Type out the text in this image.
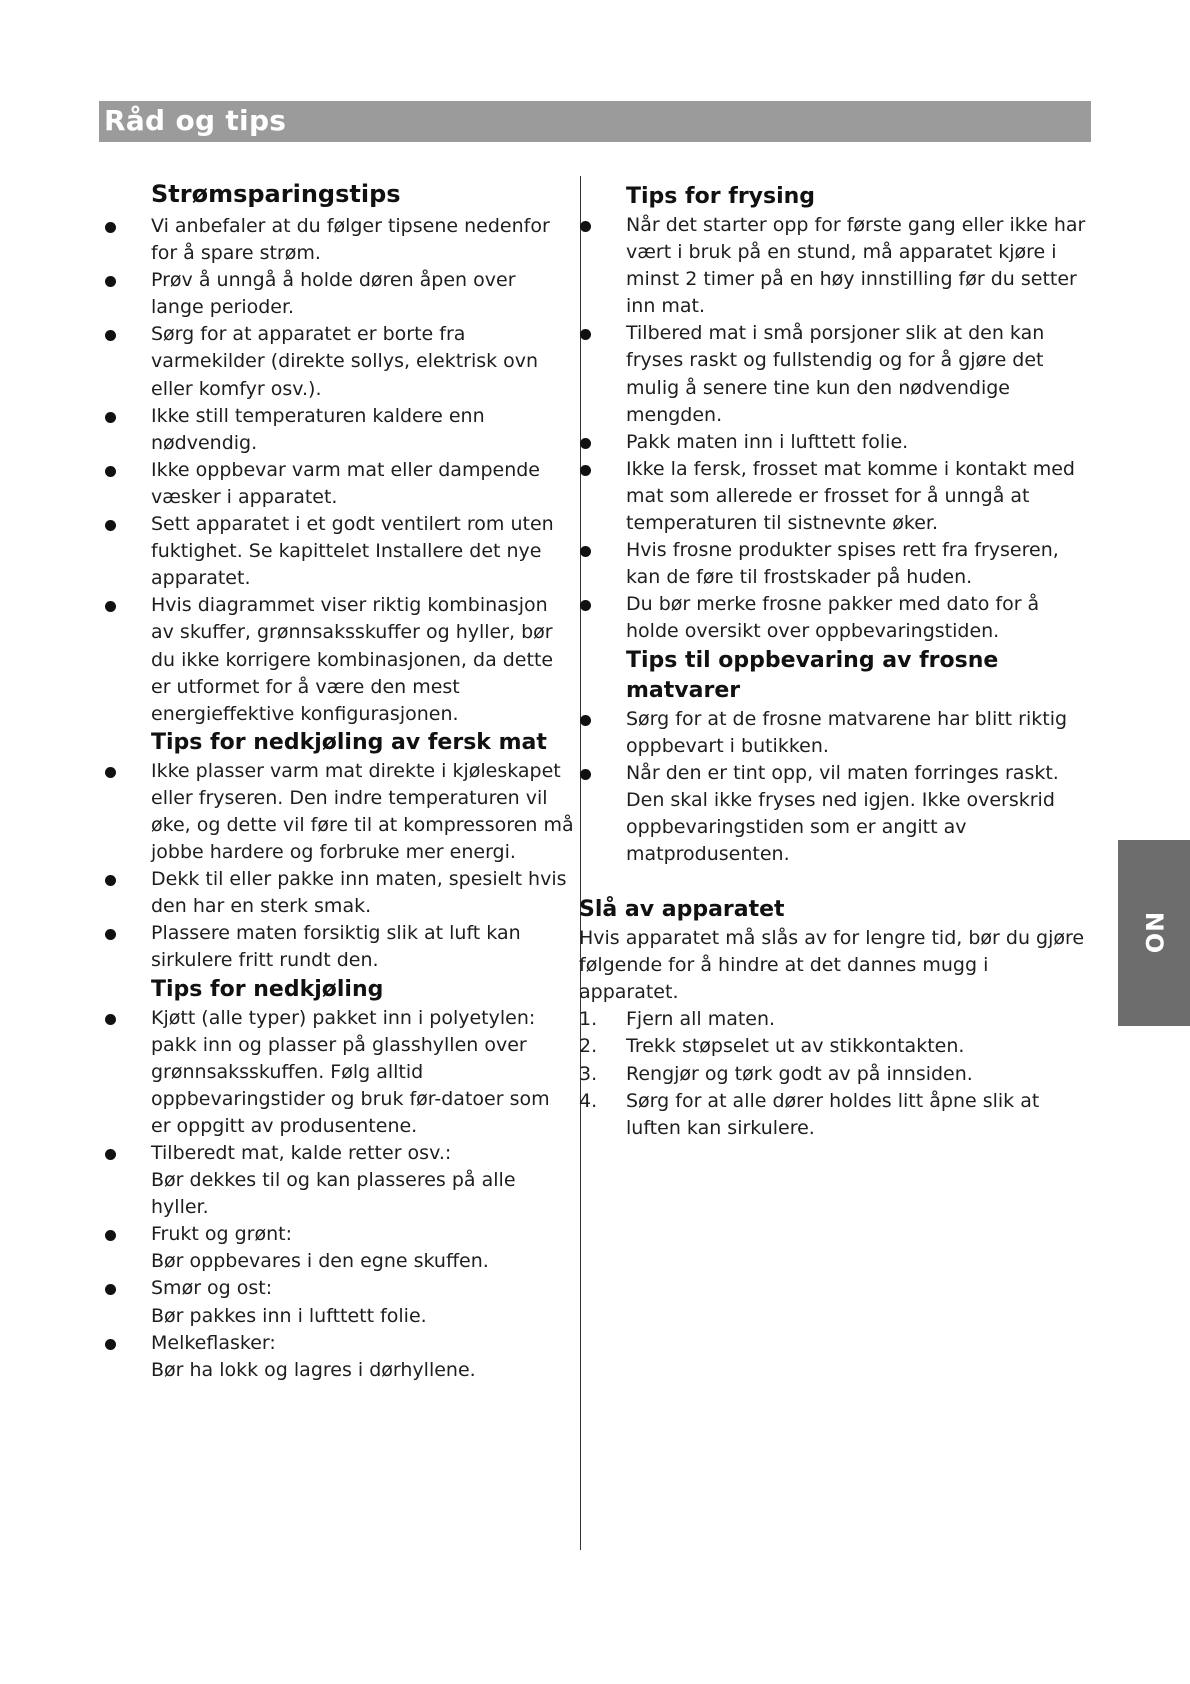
Råd og tips
NO
Strømsparingstips
Vi anbefaler at du følger tipsene nedenfor for å spare strøm.
Prøv å unngå å holde døren åpen over lange perioder.
Sørg for at apparatet er borte fra varmekilder (direkte sollys, elektrisk ovn eller komfyr osv.).
Ikke still temperaturen kaldere enn nødvendig.
Ikke oppbevar varm mat eller dampende væsker i apparatet.
Sett apparatet i et godt ventilert rom uten fuktighet. Se kapittelet Installere det nye apparatet.
Hvis diagrammet viser riktig kombinasjon av skuffer, grønnsaksskuffer og hyller, bør du ikke korrigere kombinasjonen, da dette er utformet for å være den mest energieffektive konfigurasjonen.
Tips for nedkjøling av fersk mat
Ikke plasser varm mat direkte i kjøleskapet eller fryseren. Den indre temperaturen vil øke, og dette vil føre til at kompressoren må jobbe hardere og forbruke mer energi.
Dekk til eller pakke inn maten, spesielt hvis den har en sterk smak.
Plassere maten forsiktig slik at luft kan sirkulere fritt rundt den.
Tips for nedkjøling
Kjøtt (alle typer) pakket inn i polyetylen: pakk inn og plasser på glasshyllen over grønnsaksskuffen. Følg alltid oppbevaringstider og bruk før-datoer som er oppgitt av produsentene.
Tilberedt mat, kalde retter osv.:
Bør dekkes til og kan plasseres på alle hyller.
Frukt og grønt:
Bør oppbevares i den egne skuffen.
Smør og ost:
Bør pakkes inn i lufttett folie.
Melkeflasker:
Bør ha lokk og lagres i dørhyllene.
Tips for frysing
Når det starter opp for første gang eller ikke har vært i bruk på en stund, må apparatet kjøre i minst 2 timer på en høy innstilling før du setter inn mat.
Tilbered mat i små porsjoner slik at den kan fryses raskt og fullstendig og for å gjøre det mulig å senere tine kun den nødvendige mengden.
Pakk maten inn i lufttett folie.
Ikke la fersk, frosset mat komme i kontakt med mat som allerede er frosset for å unngå at temperaturen til sistnevnte øker.
Hvis frosne produkter spises rett fra fryseren, kan de føre til frostskader på huden.
Du bør merke frosne pakker med dato for å holde oversikt over oppbevaringstiden.
Tips til oppbevaring av frosne matvarer
Sørg for at de frosne matvarene har blitt riktig oppbevart i butikken.
Når den er tint opp, vil maten forringes raskt. Den skal ikke fryses ned igjen. Ikke overskrid oppbevaringstiden som er angitt av matprodusenten.
Slå av apparatet

Hvis apparatet må slås av for lengre tid, bør du gjøre følgende for å hindre at det dannes mugg i apparatet.

1. Fjern all maten.
2. Trekk støpselet ut av stikkontakten.
3. Rengjør og tørk godt av på innsiden.
4. Sørg for at alle dører holdes litt åpne slik at luften kan sirkulere.
